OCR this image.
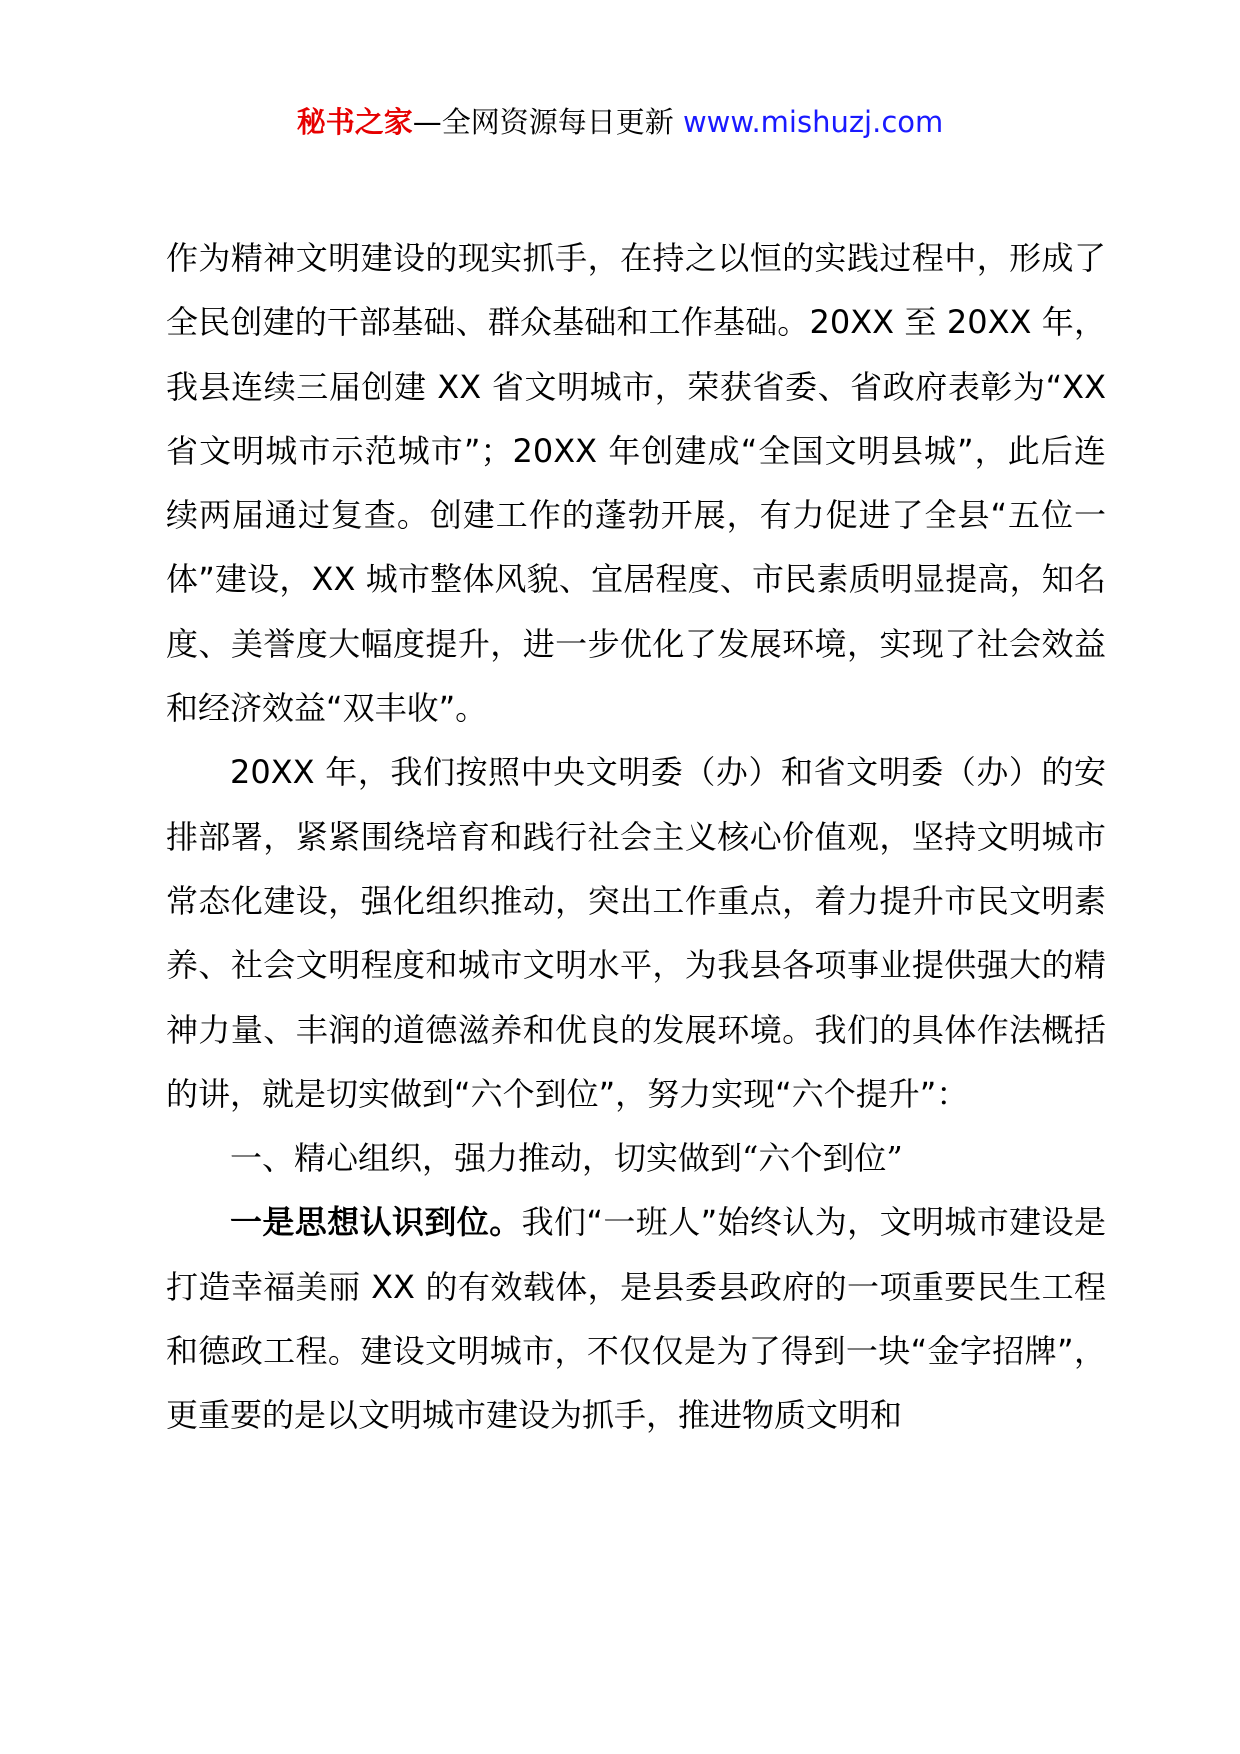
秘书之家—全网资源每日更新 www.mishuzj.com

作为精神文明建设的现实抓手，在持之以恒的实践过程中，形成了全民创建的干部基础、群众基础和工作基础。20XX 至 20XX 年，我县连续三届创建 XX 省文明城市，荣获省委、省政府表彰为“XX 省文明城市示范城市”；20XX 年创建成“全国文明县城”，此后连续两届通过复查。创建工作的蓬勃开展，有力促进了全县“五位一体”建设，XX 城市整体风貌、宜居程度、市民素质明显提高，知名度、美誉度大幅度提升，进一步优化了发展环境，实现了社会效益和经济效益“双丰收”。

20XX 年，我们按照中央文明委（办）和省文明委（办）的安排部署，紧紧围绕培育和践行社会主义核心价值观，坚持文明城市常态化建设，强化组织推动，突出工作重点，着力提升市民文明素养、社会文明程度和城市文明水平，为我县各项事业提供强大的精神力量、丰润的道德滋养和优良的发展环境。我们的具体作法概括的讲，就是切实做到“六个到位”，努力实现“六个提升”：

一、精心组织，强力推动，切实做到“六个到位”

一是思想认识到位。我们“一班人”始终认为，文明城市建设是打造幸福美丽 XX 的有效载体，是县委县政府的一项重要民生工程和德政工程。建设文明城市，不仅仅是为了得到一块“金字招牌”，更重要的是以文明城市建设为抓手，推进物质文明和
